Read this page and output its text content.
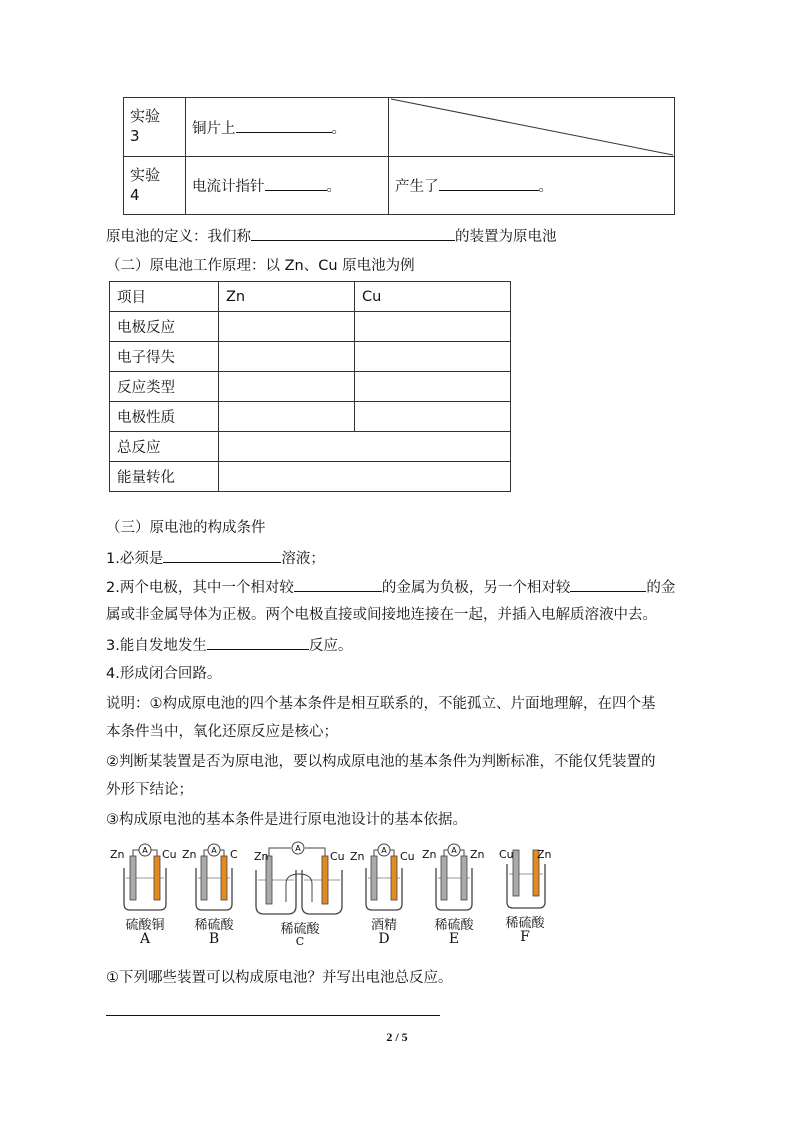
实验3	铜片上 。	

实验4	电流计指针 。	产生了 。
原电池的定义：我们称	的装置为原电池
（二）原电池工作原理：以 Zn、Cu 原电池为例
项目	Zn	Cu
电极反应		
电子得失		
反应类型		
电极性质		
总反应		
能量转化		
（三）原电池的构成条件
1.必须是	溶液；
2.两个电极，其中一个相对较	的金属为负极，另一个相对较	的金
属或非金属导体为正极。两个电极直接或间接地连接在一起，并插入电解质溶液中去。
3.能自发地发生	反应。
4.形成闭合回路。
说明：①构成原电池的四个基本条件是相互联系的，不能孤立、片面地理解，在四个基
本条件当中，氧化还原反应是核心；
②判断某装置是否为原电池，要以构成原电池的基本条件为判断标准，不能仅凭装置的
外形下结论；
③构成原电池的基本条件是进行原电池设计的基本依据。
A
Zn	Cu
硫酸铜
A
A
Zn	C
稀硫酸
B
A
Zn	Cu
稀硫酸
C
A
Zn	Cu
酒精
D
A
Zn	Zn
稀硫酸
E
Cu Zn
稀硫酸
F
①下列哪些装置可以构成原电池？并写出电池总反应。
2 / 5
